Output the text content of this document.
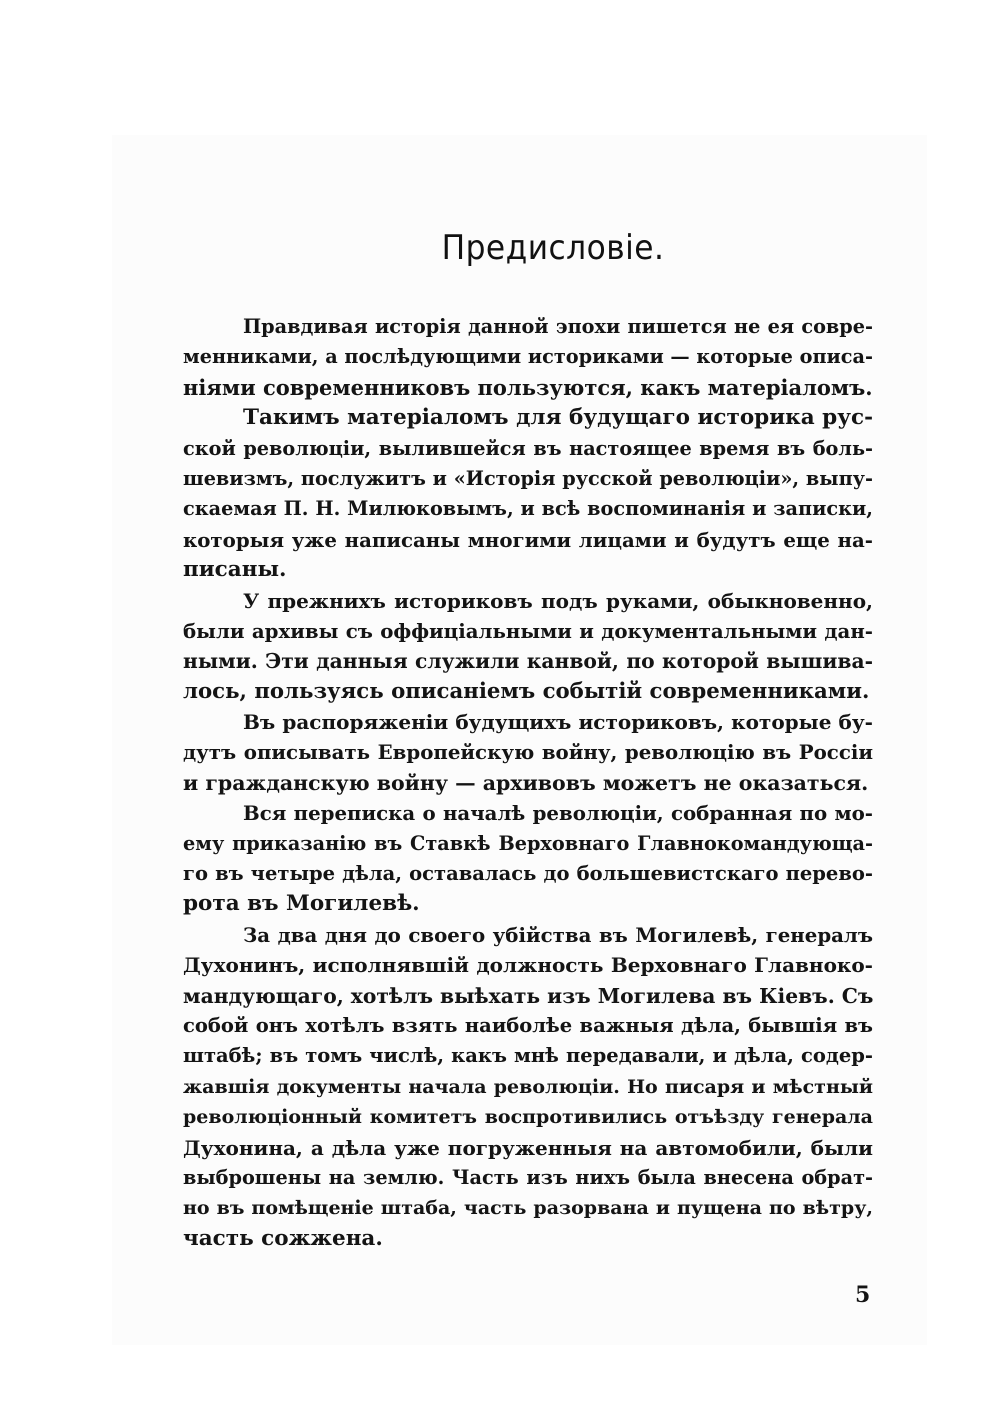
Предисловіе.
Правдивая исторія данной эпохи пишется не ея совре-
менниками, а послѣдующими историками — которые описа-
ніями современниковъ пользуются, какъ матеріаломъ.
Такимъ матеріаломъ для будущаго историка рус-
ской революціи, вылившейся въ настоящее время въ боль-
шевизмъ, послужитъ и «Исторія русской революціи», выпу-
скаемая П. Н. Милюковымъ, и всѣ воспоминанія и записки,
которыя уже написаны многими лицами и будутъ еще на-
писаны.
У прежнихъ историковъ подъ руками, обыкновенно,
были архивы съ оффиціальными и документальными дан-
ными. Эти данныя служили канвой, по которой вышива-
лось, пользуясь описаніемъ событій современниками.
Въ распоряженіи будущихъ историковъ, которые бу-
дутъ описывать Европейскую войну, революцію въ Россіи
и гражданскую войну — архивовъ можетъ не оказаться.
Вся переписка о началѣ революціи, собранная по мо-
ему приказанію въ Ставкѣ Верховнаго Главнокомандующа-
го въ четыре дѣла, оставалась до большевистскаго перево-
рота въ Могилевѣ.
За два дня до своего убійства въ Могилевѣ, генералъ
Духонинъ, исполнявшій должность Верховнаго Главноко-
мандующаго, хотѣлъ выѣхать изъ Могилева въ Кіевъ. Съ
собой онъ хотѣлъ взять наиболѣе важныя дѣла, бывшія въ
штабѣ; въ томъ числѣ, какъ мнѣ передавали, и дѣла, содер-
жавшія документы начала революціи. Но писаря и мѣстный
революціонный комитетъ воспротивились отъѣзду генерала
Духонина, а дѣла уже погруженныя на автомобили, были
выброшены на землю. Часть изъ нихъ была внесена обрат-
но въ помѣщеніе штаба, часть разорвана и пущена по вѣтру,
часть сожжена.
5
